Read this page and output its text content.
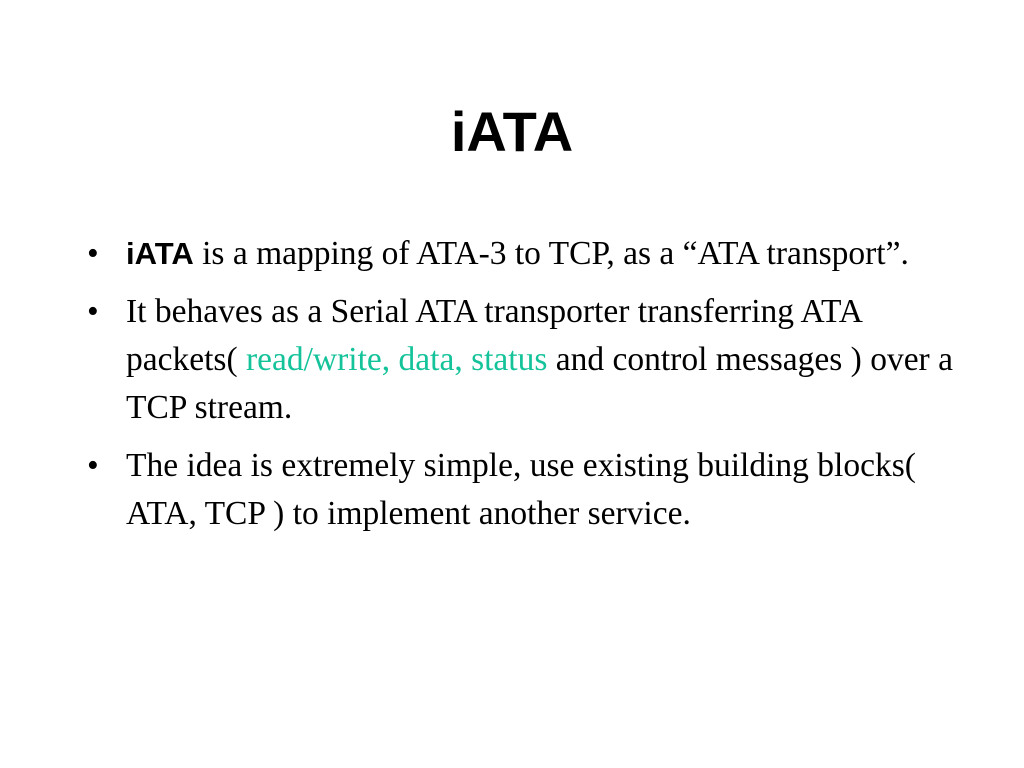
iATA
• iATA is a mapping of ATA-3 to TCP, as a “ATA transport”.
• It behaves as a Serial ATA transporter transferring ATA packets( read/write, data, status and control messages ) over a TCP stream.
• The idea is extremely simple, use existing building blocks( ATA, TCP ) to implement another service.
